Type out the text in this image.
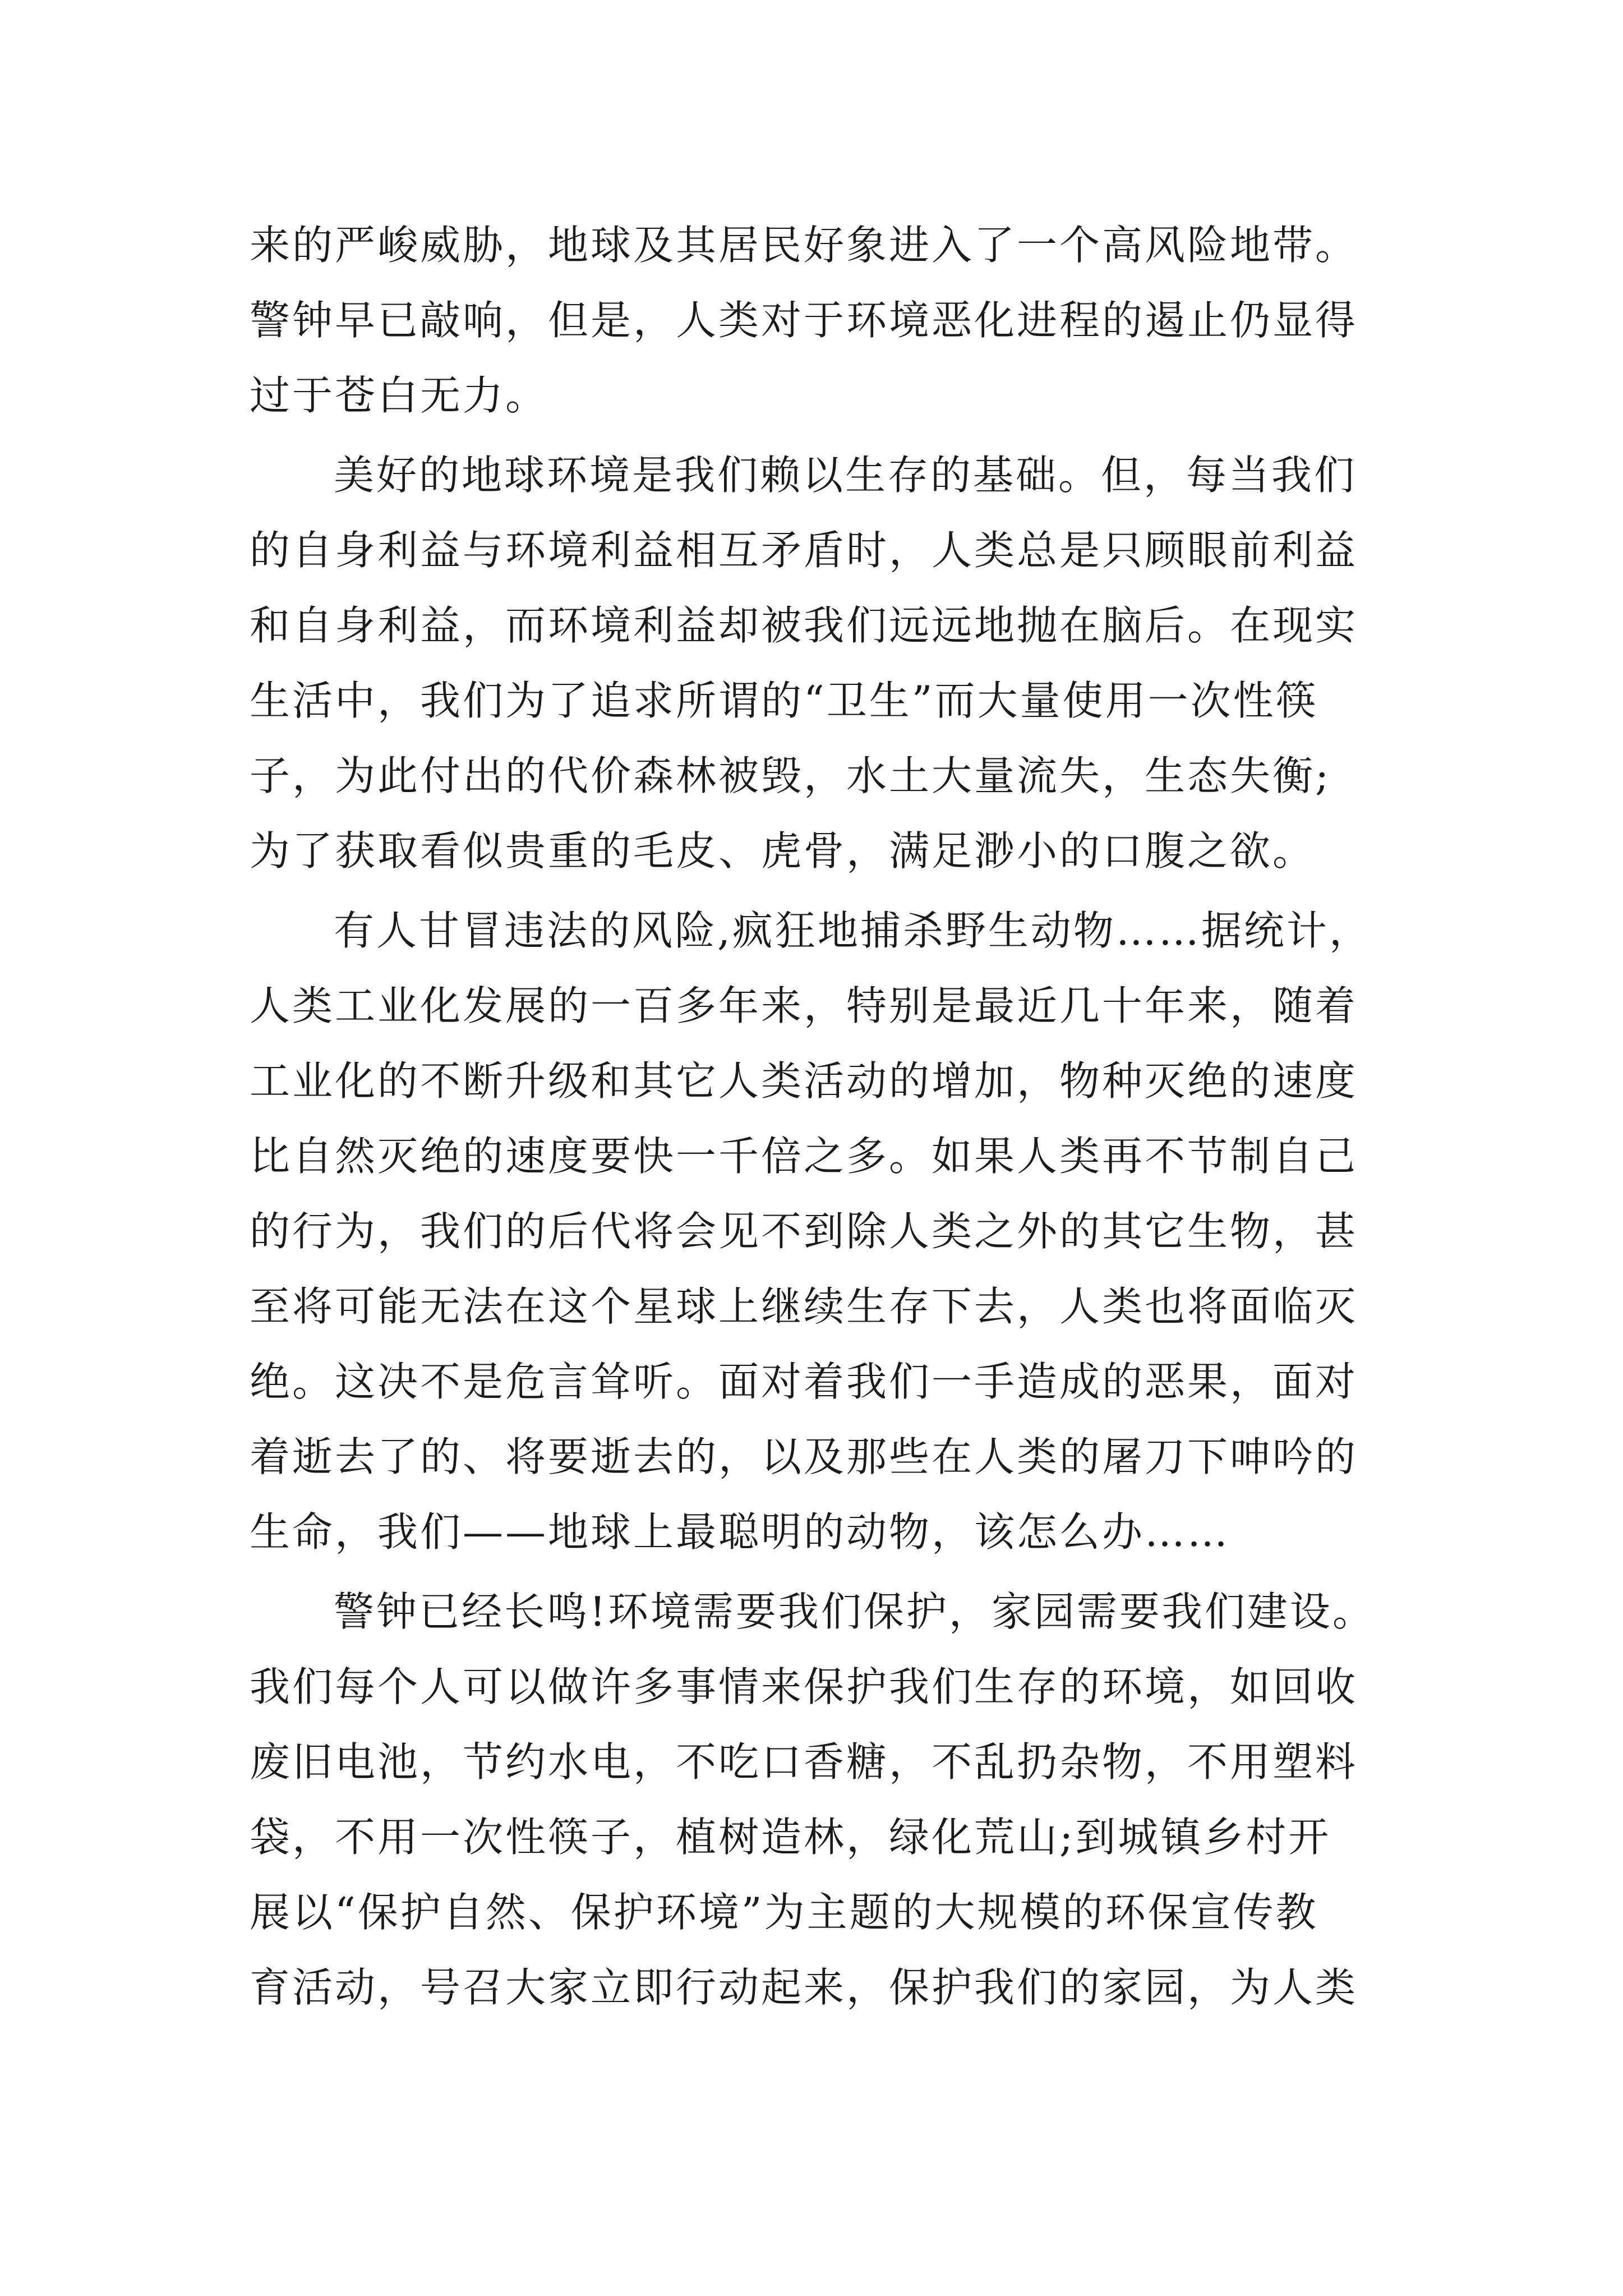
来的严峻威胁，地球及其居民好象进入了一个高风险地带。
警钟早已敲响，但是，人类对于环境恶化进程的遏止仍显得
过于苍白无力。
美好的地球环境是我们赖以生存的基础。但，每当我们
的自身利益与环境利益相互矛盾时，人类总是只顾眼前利益
和自身利益，而环境利益却被我们远远地抛在脑后。在现实
生活中，我们为了追求所谓的“卫生”而大量使用一次性筷
子，为此付出的代价森林被毁，水土大量流失，生态失衡;
为了获取看似贵重的毛皮、虎骨，满足渺小的口腹之欲。
有人甘冒违法的风险,疯狂地捕杀野生动物……据统计，
人类工业化发展的一百多年来，特别是最近几十年来，随着
工业化的不断升级和其它人类活动的增加，物种灭绝的速度
比自然灭绝的速度要快一千倍之多。如果人类再不节制自己
的行为，我们的后代将会见不到除人类之外的其它生物，甚
至将可能无法在这个星球上继续生存下去，人类也将面临灭
绝。这决不是危言耸听。面对着我们一手造成的恶果，面对
着逝去了的、将要逝去的，以及那些在人类的屠刀下呻吟的
生命，我们——地球上最聪明的动物，该怎么办……
警钟已经长鸣!环境需要我们保护，家园需要我们建设。
我们每个人可以做许多事情来保护我们生存的环境，如回收
废旧电池，节约水电，不吃口香糖，不乱扔杂物，不用塑料
袋，不用一次性筷子，植树造林，绿化荒山;到城镇乡村开
展以“保护自然、保护环境”为主题的大规模的环保宣传教
育活动，号召大家立即行动起来，保护我们的家园，为人类
